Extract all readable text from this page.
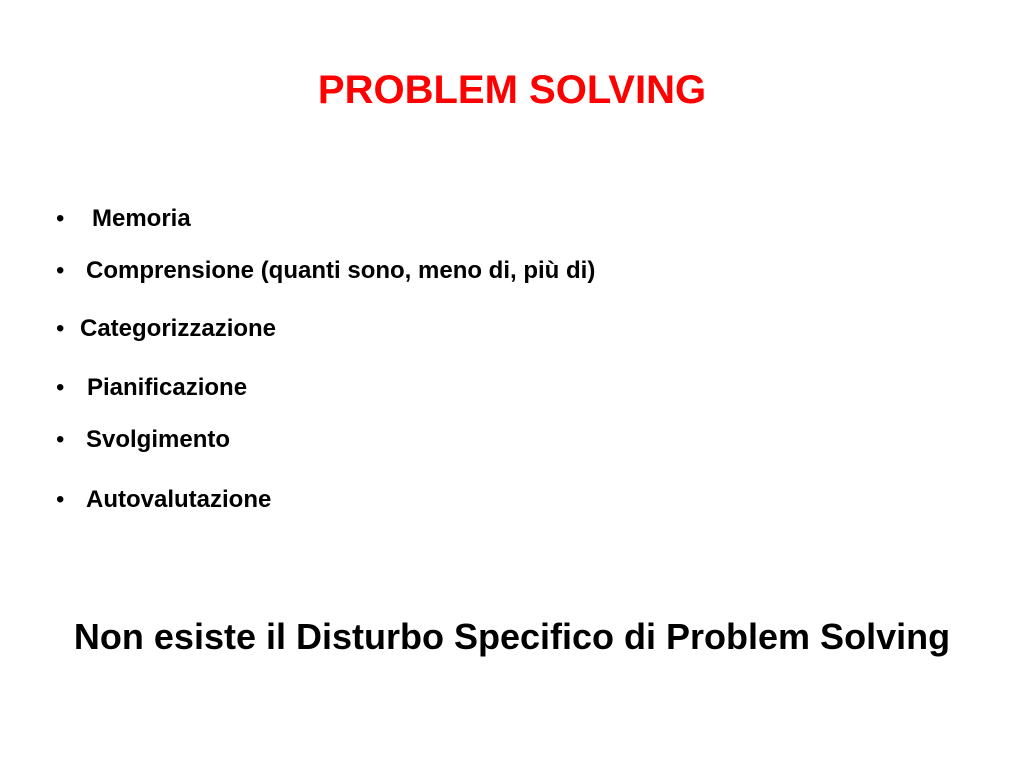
PROBLEM SOLVING
• Memoria
• Comprensione (quanti sono, meno di, più di)
• Categorizzazione
• Pianificazione
• Svolgimento
• Autovalutazione

Non esiste il Disturbo Specifico di Problem Solving
